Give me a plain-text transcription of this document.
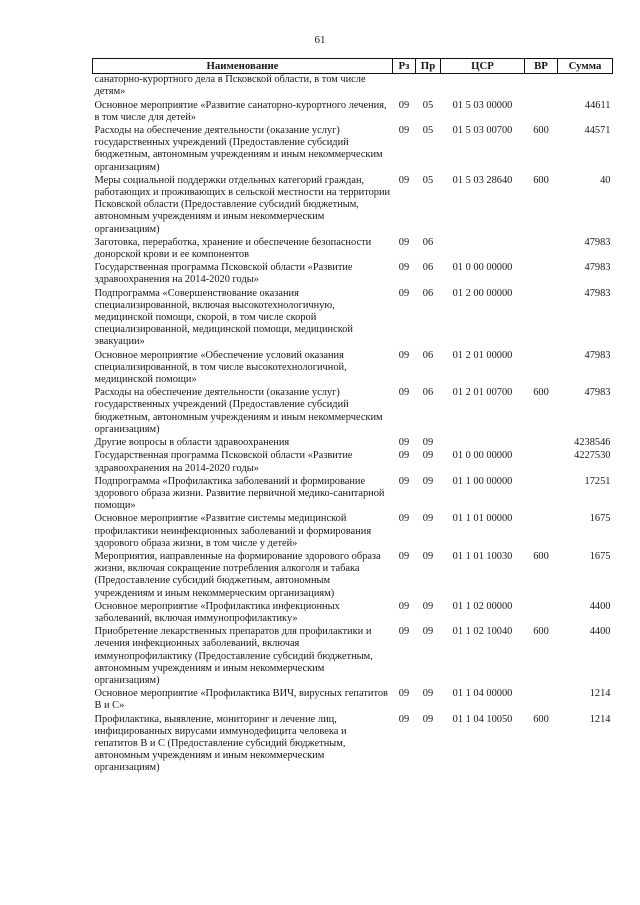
61
Наименование	Рз	Пр	ЦСР	ВР	Сумма
санаторно-курортного дела в Псковской области, в том числе детям»					
Основное мероприятие «Развитие санаторно-курортного лечения, в том числе для детей»	09	05	01 5 03 00000		44611
Расходы на обеспечение деятельности (оказание услуг) государственных учреждений (Предоставление субсидий бюджетным, автономным учреждениям и иным некоммерческим организациям)	09	05	01 5 03 00700	600	44571
Меры социальной поддержки отдельных категорий граждан, работающих и проживающих в сельской местности на территории Псковской области (Предоставление субсидий бюджетным, автономным учреждениям и иным некоммерческим организациям)	09	05	01 5 03 28640	600	40
Заготовка, переработка, хранение и обеспечение безопасности донорской крови и ее компонентов	09	06			47983
Государственная программа Псковской области «Развитие здравоохранения на 2014-2020 годы»	09	06	01 0 00 00000		47983
Подпрограмма «Совершенствование оказания специализированной, включая высокотехнологичную, медицинской помощи, скорой, в том числе скорой специализированной, медицинской помощи, медицинской эвакуации»	09	06	01 2 00 00000		47983
Основное мероприятие «Обеспечение условий оказания специализированной, в том числе высокотехнологичной, медицинской помощи»	09	06	01 2 01 00000		47983
Расходы на обеспечение деятельности (оказание услуг) государственных учреждений (Предоставление субсидий бюджетным, автономным учреждениям и иным некоммерческим организациям)	09	06	01 2 01 00700	600	47983
Другие вопросы в области здравоохранения	09	09			4238546
Государственная программа Псковской области «Развитие здравоохранения на 2014-2020 годы»	09	09	01 0 00 00000		4227530
Подпрограмма «Профилактика заболеваний и формирование здорового образа жизни. Развитие первичной медико-санитарной помощи»	09	09	01 1 00 00000		17251
Основное мероприятие «Развитие системы медицинской профилактики неинфекционных заболеваний и формирования здорового образа жизни, в том числе у детей»	09	09	01 1 01 00000		1675
Мероприятия, направленные на формирование здорового образа жизни, включая сокращение потребления алкоголя и табака (Предоставление субсидий бюджетным, автономным учреждениям и иным некоммерческим организациям)	09	09	01 1 01 10030	600	1675
Основное мероприятие «Профилактика инфекционных заболеваний, включая иммунопрофилактику»	09	09	01 1 02 00000		4400
Приобретение лекарственных препаратов для профилактики и лечения инфекционных заболеваний, включая иммунопрофилактику (Предоставление субсидий бюджетным, автономным учреждениям и иным некоммерческим организациям)	09	09	01 1 02 10040	600	4400
Основное мероприятие «Профилактика ВИЧ, вирусных гепатитов В и С»	09	09	01 1 04 00000		1214
Профилактика, выявление, мониторинг и лечение лиц, инфицированных вирусами иммунодефицита человека и гепатитов В и С (Предоставление субсидий бюджетным, автономным учреждениям и иным некоммерческим организациям)	09	09	01 1 04 10050	600	1214
